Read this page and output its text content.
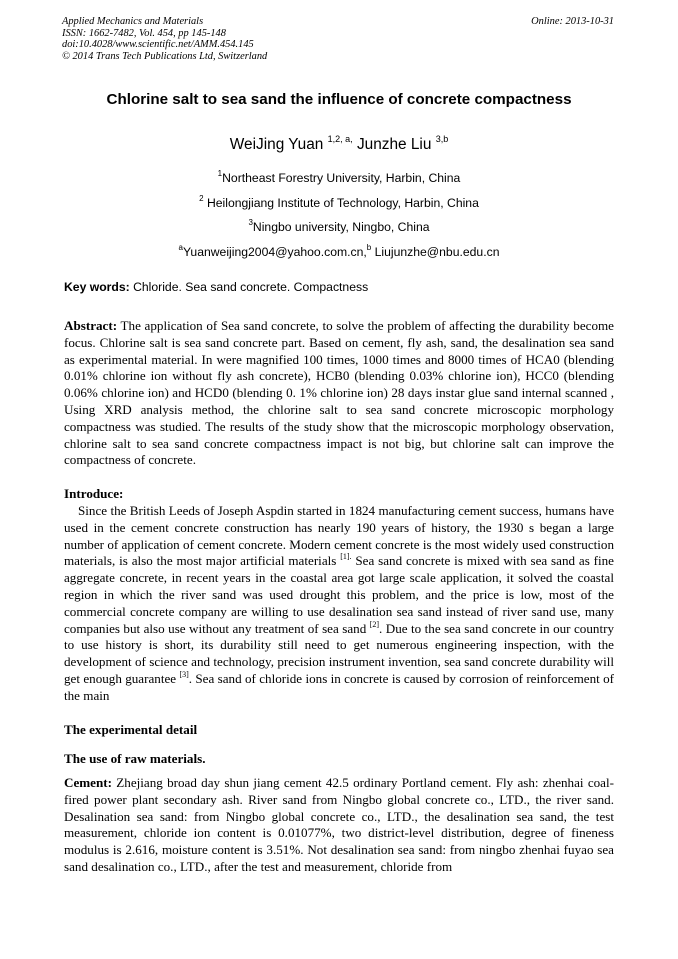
Applied Mechanics and Materials
ISSN: 1662-7482, Vol. 454, pp 145-148
doi:10.4028/www.scientific.net/AMM.454.145
© 2014 Trans Tech Publications Ltd, Switzerland
Online: 2013-10-31
Chlorine salt to sea sand the influence of concrete compactness
WeiJing Yuan $^{1,2, a,}$ Junzhe Liu $^{3,b}$
$^1$Northeast Forestry University, Harbin, China
$^2$ Heilongjiang Institute of Technology, Harbin, China
$^3$Ningbo university, Ningbo, China
$^a$Yuanweijing2004@yahoo.com.cn,$^b$ Liujunzhe@nbu.edu.cn
Key words: Chloride. Sea sand concrete. Compactness
Abstract: The application of Sea sand concrete, to solve the problem of affecting the durability become focus. Chlorine salt is sea sand concrete part. Based on cement, fly ash, sand, the desalination sea sand as experimental material. In were magnified 100 times, 1000 times and 8000 times of HCA0 (blending 0.01% chlorine ion without fly ash concrete), HCB0 (blending 0.03% chlorine ion), HCC0 (blending 0.06% chlorine ion) and HCD0 (blending 0. 1% chlorine ion) 28 days instar glue sand internal scanned , Using XRD analysis method, the chlorine salt to sea sand concrete microscopic morphology compactness was studied. The results of the study show that the microscopic morphology observation, chlorine salt to sea sand concrete compactness impact is not big, but chlorine salt can improve the compactness of concrete.
Introduce:
Since the British Leeds of Joseph Aspdin started in 1824 manufacturing cement success, humans have used in the cement concrete construction has nearly 190 years of history, the 1930 s began a large number of application of cement concrete. Modern cement concrete is the most widely used construction materials, is also the most major artificial materials $^{[1].}$ Sea sand concrete is mixed with sea sand as fine aggregate concrete, in recent years in the coastal area got large scale application, it solved the coastal region in which the river sand was used drought this problem, and the price is low, most of the commercial concrete company are willing to use desalination sea sand instead of river sand use, many companies but also use without any treatment of sea sand [2]. Due to the sea sand concrete in our country to use history is short, its durability still need to get numerous engineering inspection, with the development of science and technology, precision instrument invention, sea sand concrete durability will get enough guarantee [3]. Sea sand of chloride ions in concrete is caused by corrosion of reinforcement of the main
The experimental detail
The use of raw materials.
Cement: Zhejiang broad day shun jiang cement 42.5 ordinary Portland cement. Fly ash: zhenhai coal-fired power plant secondary ash. River sand from Ningbo global concrete co., LTD., the river sand. Desalination sea sand: from Ningbo global concrete co., LTD., the desalination sea sand, the test measurement, chloride ion content is 0.01077%, two district-level distribution, degree of fineness modulus is 2.616, moisture content is 3.51%. Not desalination sea sand: from ningbo zhenhai fuyao sea sand desalination co., LTD., after the test and measurement, chloride from
